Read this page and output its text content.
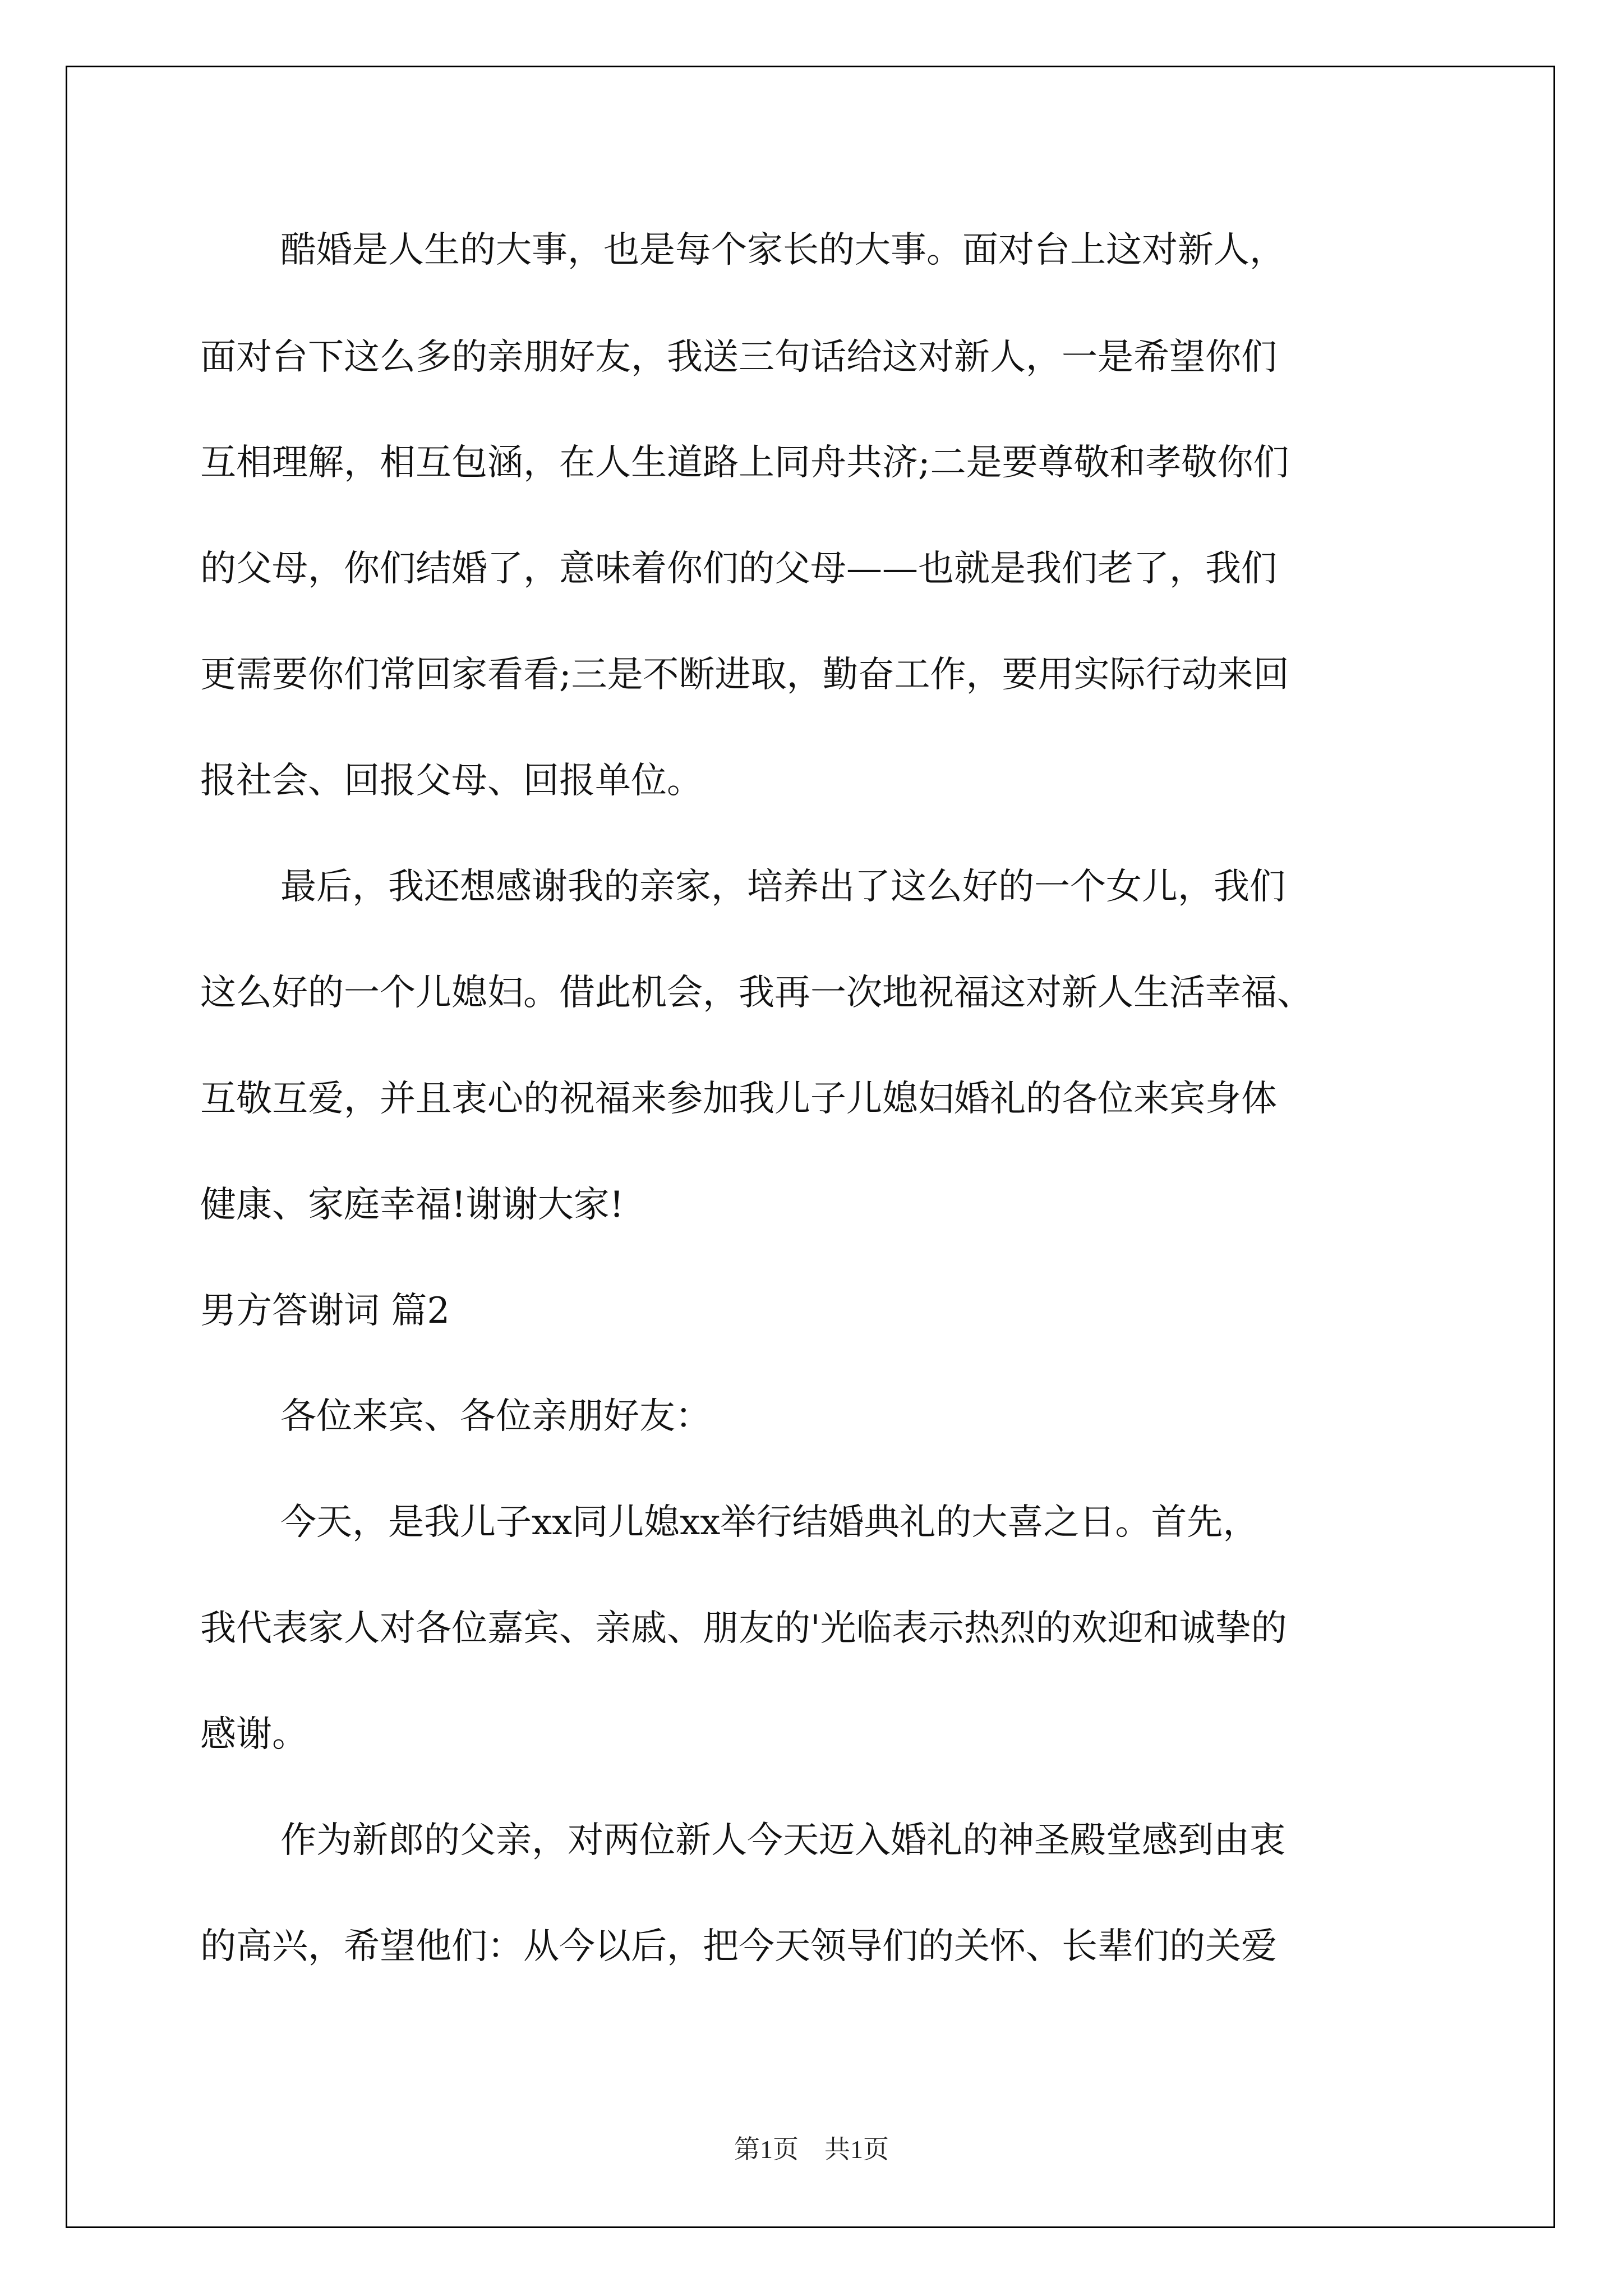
酷婚是人生的大事，也是每个家长的大事。面对台上这对新人，

面对台下这么多的亲朋好友，我送三句话给这对新人，一是希望你们

互相理解，相互包涵，在人生道路上同舟共济;二是要尊敬和孝敬你们

的父母，你们结婚了，意味着你们的父母——也就是我们老了，我们

更需要你们常回家看看;三是不断进取，勤奋工作，要用实际行动来回

报社会、回报父母、回报单位。

最后，我还想感谢我的亲家，培养出了这么好的一个女儿，我们

这么好的一个儿媳妇。借此机会，我再一次地祝福这对新人生活幸福、

互敬互爱，并且衷心的祝福来参加我儿子儿媳妇婚礼的各位来宾身体

健康、家庭幸福!谢谢大家!

男方答谢词 篇2

各位来宾、各位亲朋好友：

今天，是我儿子xx同儿媳xx举行结婚典礼的大喜之日。首先，

我代表家人对各位嘉宾、亲戚、朋友的'光临表示热烈的欢迎和诚挚的

感谢。

作为新郎的父亲，对两位新人今天迈入婚礼的神圣殿堂感到由衷

的高兴，希望他们：从今以后，把今天领导们的关怀、长辈们的关爱

第1页　共1页
